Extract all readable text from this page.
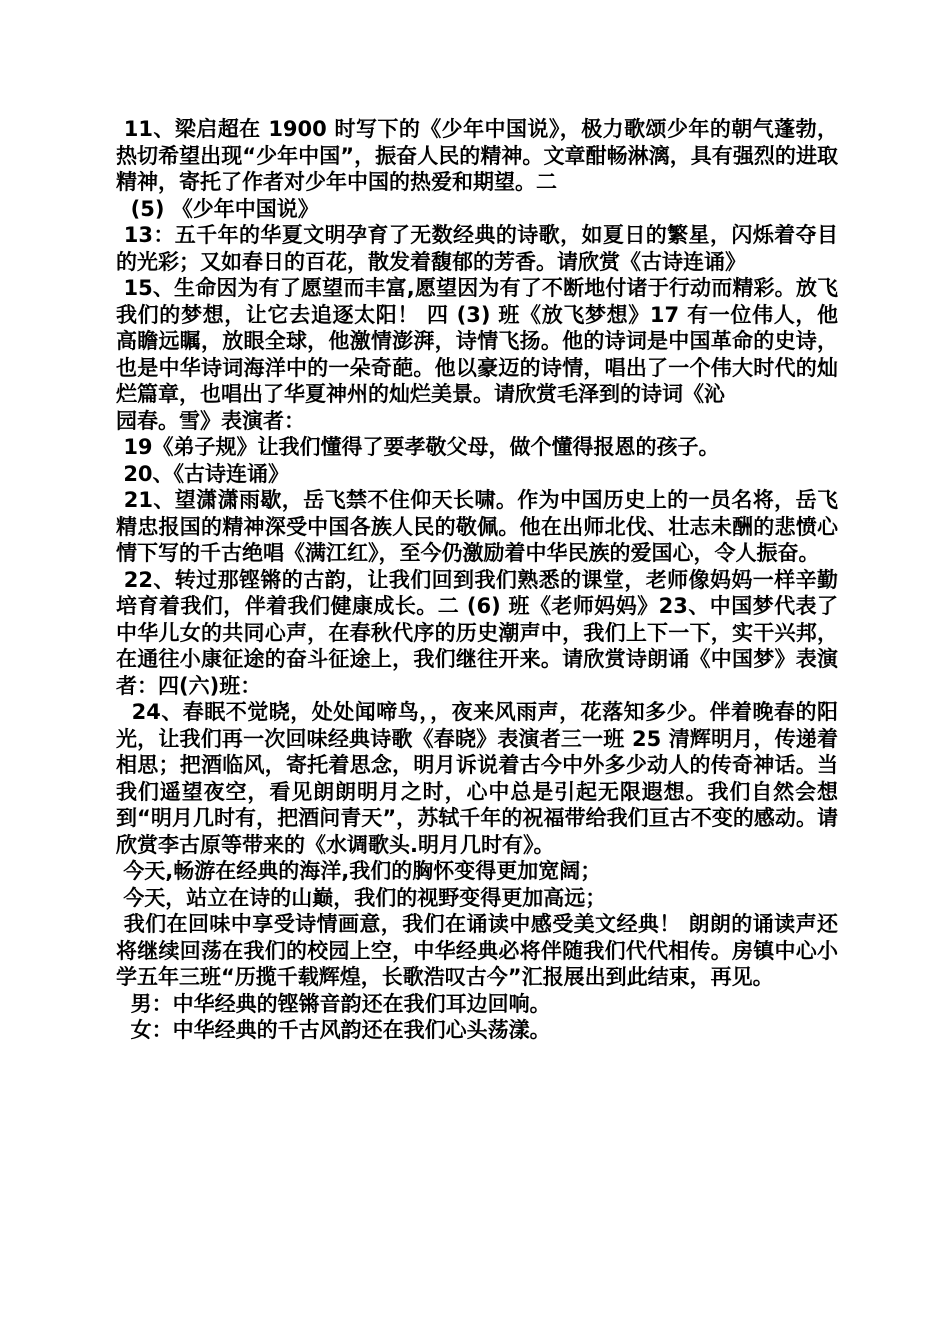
11、梁启超在 1900 时写下的《少年中国说》，极力歌颂少年的朝气蓬勃，热切希望出现“少年中国”，振奋人民的精神。文章酣畅淋漓，具有强烈的进取精神，寄托了作者对少年中国的热爱和期望。二

(5) 《少年中国说》

13：五千年的华夏文明孕育了无数经典的诗歌，如夏日的繁星，闪烁着夺目的光彩；又如春日的百花，散发着馥郁的芳香。请欣赏《古诗连诵》

15、生命因为有了愿望而丰富,愿望因为有了不断地付诸于行动而精彩。放飞我们的梦想，让它去追逐太阳！ 四 (3) 班《放飞梦想》17 有一位伟人，他高瞻远瞩，放眼全球，他激情澎湃，诗情飞扬。他的诗词是中国革命的史诗，也是中华诗词海洋中的一朵奇葩。他以豪迈的诗情，唱出了一个伟大时代的灿烂篇章，也唱出了华夏神州的灿烂美景。请欣赏毛泽到的诗词《沁

园春。雪》表演者：

19《弟子规》让我们懂得了要孝敬父母，做个懂得报恩的孩子。

20、《古诗连诵》

21、望潇潇雨歇，岳飞禁不住仰天长啸。作为中国历史上的一员名将，岳飞精忠报国的精神深受中国各族人民的敬佩。他在出师北伐、壮志未酬的悲愤心情下写的千古绝唱《满江红》，至今仍激励着中华民族的爱国心，令人振奋。

22、转过那铿锵的古韵，让我们回到我们熟悉的课堂，老师像妈妈一样辛勤培育着我们，伴着我们健康成长。二 (6) 班《老师妈妈》23、中国梦代表了中华儿女的共同心声，在春秋代序的历史潮声中，我们上下一下，实干兴邦，在通往小康征途的奋斗征途上，我们继往开来。请欣赏诗朗诵《中国梦》表演者：四(六)班：

24、春眠不觉晓，处处闻啼鸟，，夜来风雨声，花落知多少。伴着晚春的阳光，让我们再一次回味经典诗歌《春晓》表演者三一班 25 清辉明月，传递着相思；把酒临风，寄托着思念，明月诉说着古今中外多少动人的传奇神话。当我们遥望夜空，看见朗朗明月之时，心中总是引起无限遐想。我们自然会想到“明月几时有，把酒问青天”，苏轼千年的祝福带给我们亘古不变的感动。请欣赏李古原等带来的《水调歌头.明月几时有》。

今天,畅游在经典的海洋,我们的胸怀变得更加宽阔；

今天，站立在诗的山巅，我们的视野变得更加高远；

我们在回味中享受诗情画意，我们在诵读中感受美文经典！ 朗朗的诵读声还将继续回荡在我们的校园上空，中华经典必将伴随我们代代相传。房镇中心小学五年三班“历揽千载辉煌，长歌浩叹古今”汇报展出到此结束，再见。

男：中华经典的铿锵音韵还在我们耳边回响。

女：中华经典的千古风韵还在我们心头荡漾。
